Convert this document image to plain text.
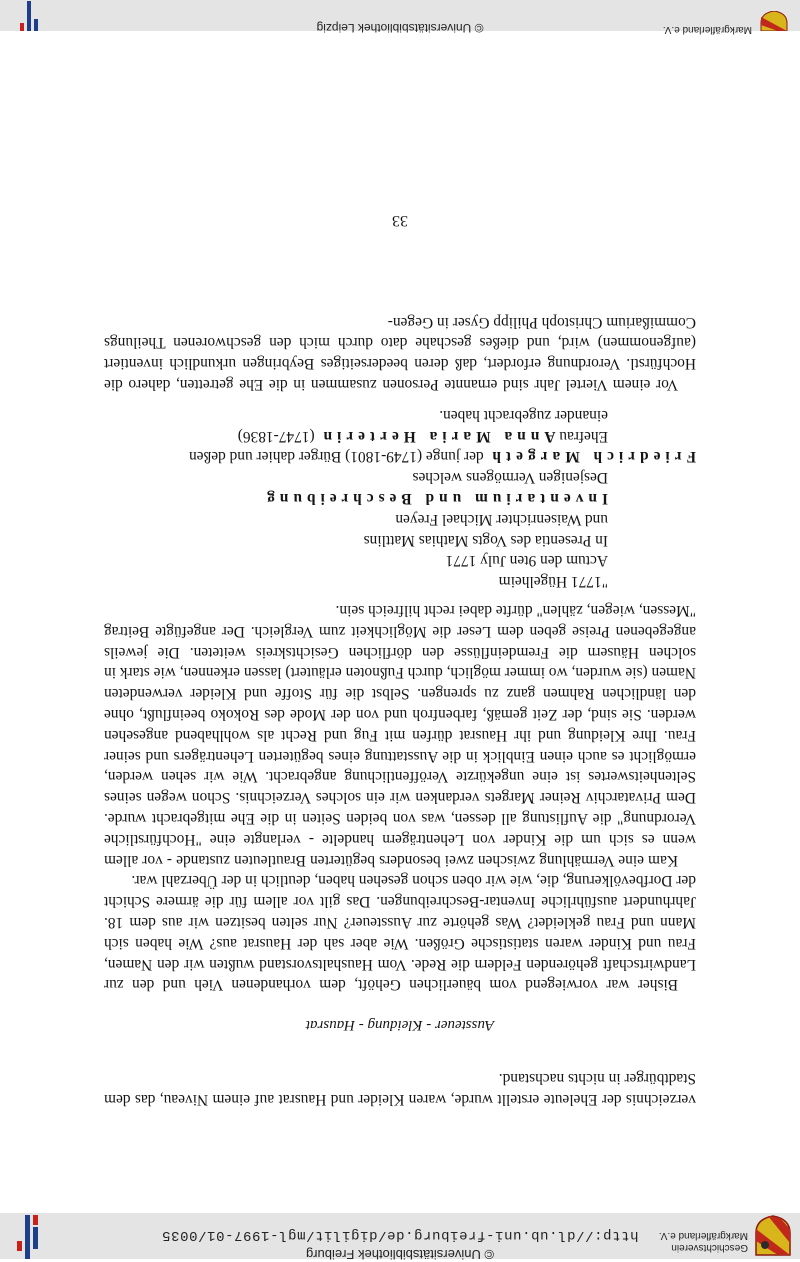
Geschichtsverein
Markgräflerland e.V.
© Universitätsbibliothek Freiburg
http://dl.ub.uni-freiburg.de/digilit/mgl-1997-01/0035
© Universitätsbibliothek Leipzig	Markgräflerland e.V.

verzeichnis der Eheleute erstellt wurde, waren Kleider und Hausrat auf einem Niveau, das dem Stadtbürger in nichts nachstand.

Aussteuer - Kleidung - Hausrat

Bisher war vorwiegend vom bäuerlichen Gehöft, dem vorhandenen Vieh und den zur Landwirtschaft gehörenden Feldern die Rede. Vom Haushaltsvorstand wußten wir den Namen, Frau und Kinder waren statistische Größen. Wie aber sah der Hausrat aus? Wie haben sich Mann und Frau gekleidet? Was gehörte zur Aussteuer? Nur selten besitzen wir aus dem 18. Jahrhundert ausführliche Inventar-Beschreibungen. Das gilt vor allem für die ärmere Schicht der Dorfbevölkerung, die, wie wir oben schon gesehen haben, deutlich in der Überzahl war.

Kam eine Vermählung zwischen zwei besonders begüterten Brautleuten zustande - vor allem wenn es sich um die Kinder von Lehenträgern handelte - verlangte eine "Hochfürstliche Verordnung" die Auflistung all dessen, was von beiden Seiten in die Ehe mitgebracht wurde. Dem Privatarchiv Reiner Margets verdanken wir ein solches Verzeichnis. Schon wegen seines Seltenheitswertes ist eine ungekürzte Veröffentlichung angebracht. Wie wir sehen werden, ermöglicht es auch einen Einblick in die Ausstattung eines begüterten Lehenträgers und seiner Frau. Ihre Kleidung und ihr Hausrat dürfen mit Fug und Recht als wohlhabend angesehen werden. Sie sind, der Zeit gemäß, farbenfroh und von der Mode des Rokoko beeinflußt, ohne den ländlichen Rahmen ganz zu sprengen. Selbst die für Stoffe und Kleider verwendeten Namen (sie wurden, wo immer möglich, durch Fußnoten erläutert) lassen erkennen, wie stark in solchen Häusern die Fremdeinflüsse den dörflichen Gesichtskreis weiteten. Die jeweils angegebenen Preise geben dem Leser die Möglichkeit zum Vergleich. Der angefügte Beitrag "Messen, wiegen, zählen" dürfte dabei recht hilfreich sein.

"1771 Hügelheim
Actum den 9ten July 1771
In Presentia des Vogts Mathias Mattlins
und Waisenrichter Michael Freyen
Inventarium und Beschreibung
Desjenigen Vermögens welches
Friedrich Margeth der junge (1749-1801) Bürger dahier und deßen
Ehefrau Anna Maria Herterin (1747-1836)
einander zugebracht haben.

Vor einem Viertel Jahr sind ernannte Personen zusammen in die Ehe getretten, dahero die Hochfürstl. Verordnung erfordert, daß deren beederseitiges Beybringen urkundlich inventiert (aufgenommen) wird, und dießes geschahe dato durch mich den geschworenen Theilungs Commißarium Christoph Philipp Gyser in Gegen-

33
